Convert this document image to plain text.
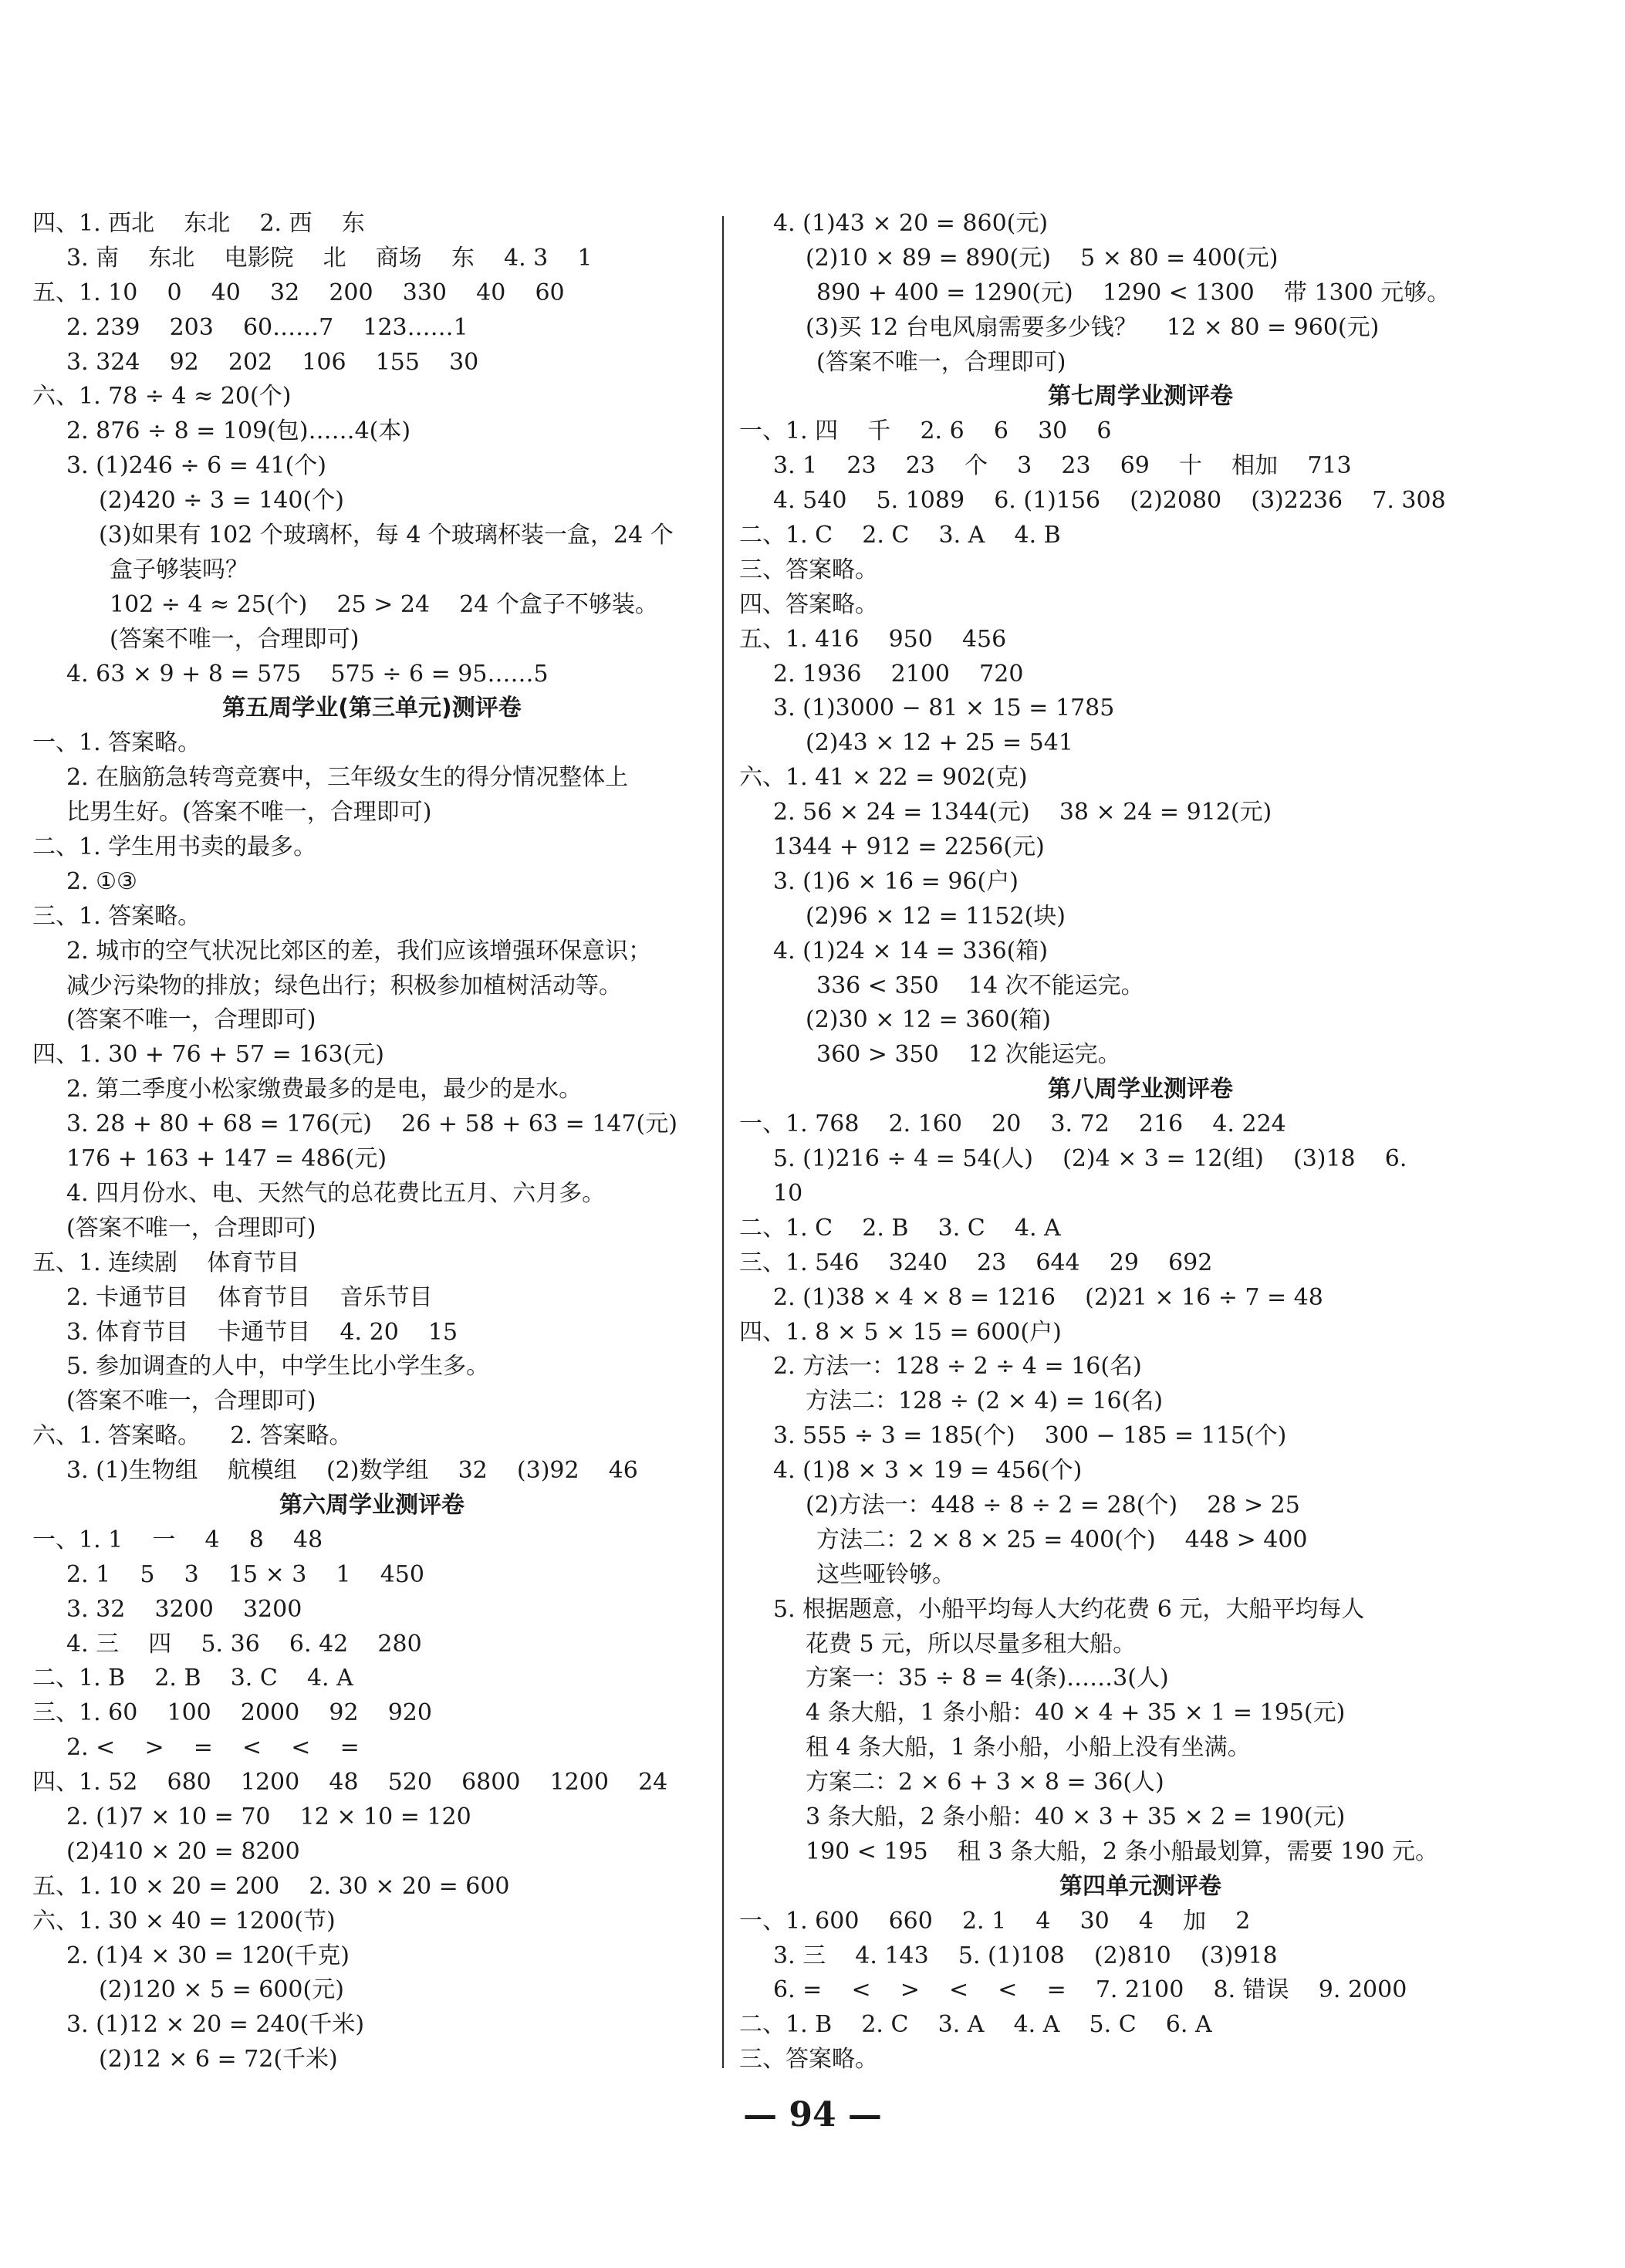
四、1. 西北    东北    2. 西    东
3. 南    东北    电影院    北    商场    东    4. 3    1
五、1. 10    0    40    32    200    330    40    60
2. 239    203    60……7    123……1
3. 324    92    202    106    155    30
六、1. 78 ÷ 4 ≈ 20(个)
2. 876 ÷ 8 = 109(包)……4(本)
3. (1)246 ÷ 6 = 41(个)
(2)420 ÷ 3 = 140(个)
(3)如果有 102 个玻璃杯，每 4 个玻璃杯装一盒，24 个
盒子够装吗？
102 ÷ 4 ≈ 25(个)    25 > 24    24 个盒子不够装。
(答案不唯一，合理即可)
4. 63 × 9 + 8 = 575    575 ÷ 6 = 95……5
第五周学业(第三单元)测评卷
一、1. 答案略。
2. 在脑筋急转弯竞赛中，三年级女生的得分情况整体上
比男生好。(答案不唯一，合理即可)
二、1. 学生用书卖的最多。
2. ①③
三、1. 答案略。
2. 城市的空气状况比郊区的差，我们应该增强环保意识；
减少污染物的排放；绿色出行；积极参加植树活动等。
(答案不唯一，合理即可)
四、1. 30 + 76 + 57 = 163(元)
2. 第二季度小松家缴费最多的是电，最少的是水。
3. 28 + 80 + 68 = 176(元)    26 + 58 + 63 = 147(元)
176 + 163 + 147 = 486(元)
4. 四月份水、电、天然气的总花费比五月、六月多。
(答案不唯一，合理即可)
五、1. 连续剧    体育节目
2. 卡通节目    体育节目    音乐节目
3. 体育节目    卡通节目    4. 20    15
5. 参加调查的人中，中学生比小学生多。
(答案不唯一，合理即可)
六、1. 答案略。    2. 答案略。
3. (1)生物组    航模组    (2)数学组    32    (3)92    46
第六周学业测评卷
一、1. 1    一    4    8    48
2. 1    5    3    15 × 3    1    450
3. 32    3200    3200
4. 三    四    5. 36    6. 42    280
二、1. B    2. B    3. C    4. A
三、1. 60    100    2000    92    920
2. <    >    =    <    <    =
四、1. 52    680    1200    48    520    6800    1200    24
2. (1)7 × 10 = 70    12 × 10 = 120
(2)410 × 20 = 8200
五、1. 10 × 20 = 200    2. 30 × 20 = 600
六、1. 30 × 40 = 1200(节)
2. (1)4 × 30 = 120(千克)
(2)120 × 5 = 600(元)
3. (1)12 × 20 = 240(千米)
(2)12 × 6 = 72(千米)
4. (1)43 × 20 = 860(元)
(2)10 × 89 = 890(元)    5 × 80 = 400(元)
890 + 400 = 1290(元)    1290 < 1300    带 1300 元够。
(3)买 12 台电风扇需要多少钱？    12 × 80 = 960(元)
(答案不唯一，合理即可)
第七周学业测评卷
一、1. 四    千    2. 6    6    30    6
3. 1    23    23    个    3    23    69    十    相加    713
4. 540    5. 1089    6. (1)156    (2)2080    (3)2236    7. 308
二、1. C    2. C    3. A    4. B
三、答案略。
四、答案略。
五、1. 416    950    456
2. 1936    2100    720
3. (1)3000 − 81 × 15 = 1785
(2)43 × 12 + 25 = 541
六、1. 41 × 22 = 902(克)
2. 56 × 24 = 1344(元)    38 × 24 = 912(元)
1344 + 912 = 2256(元)
3. (1)6 × 16 = 96(户)
(2)96 × 12 = 1152(块)
4. (1)24 × 14 = 336(箱)
336 < 350    14 次不能运完。
(2)30 × 12 = 360(箱)
360 > 350    12 次能运完。
第八周学业测评卷
一、1. 768    2. 160    20    3. 72    216    4. 224
5. (1)216 ÷ 4 = 54(人)    (2)4 × 3 = 12(组)    (3)18    6.
10
二、1. C    2. B    3. C    4. A
三、1. 546    3240    23    644    29    692
2. (1)38 × 4 × 8 = 1216    (2)21 × 16 ÷ 7 = 48
四、1. 8 × 5 × 15 = 600(户)
2. 方法一：128 ÷ 2 ÷ 4 = 16(名)
方法二：128 ÷ (2 × 4) = 16(名)
3. 555 ÷ 3 = 185(个)    300 − 185 = 115(个)
4. (1)8 × 3 × 19 = 456(个)
(2)方法一：448 ÷ 8 ÷ 2 = 28(个)    28 > 25
方法二：2 × 8 × 25 = 400(个)    448 > 400
这些哑铃够。
5. 根据题意，小船平均每人大约花费 6 元，大船平均每人
花费 5 元，所以尽量多租大船。
方案一：35 ÷ 8 = 4(条)……3(人)
4 条大船，1 条小船：40 × 4 + 35 × 1 = 195(元)
租 4 条大船，1 条小船，小船上没有坐满。
方案二：2 × 6 + 3 × 8 = 36(人)
3 条大船，2 条小船：40 × 3 + 35 × 2 = 190(元)
190 < 195    租 3 条大船，2 条小船最划算，需要 190 元。
第四单元测评卷
一、1. 600    660    2. 1    4    30    4    加    2
3. 三    4. 143    5. (1)108    (2)810    (3)918
6. =    <    >    <    <    =    7. 2100    8. 错误    9. 2000
二、1. B    2. C    3. A    4. A    5. C    6. A
三、答案略。
— 94 —
